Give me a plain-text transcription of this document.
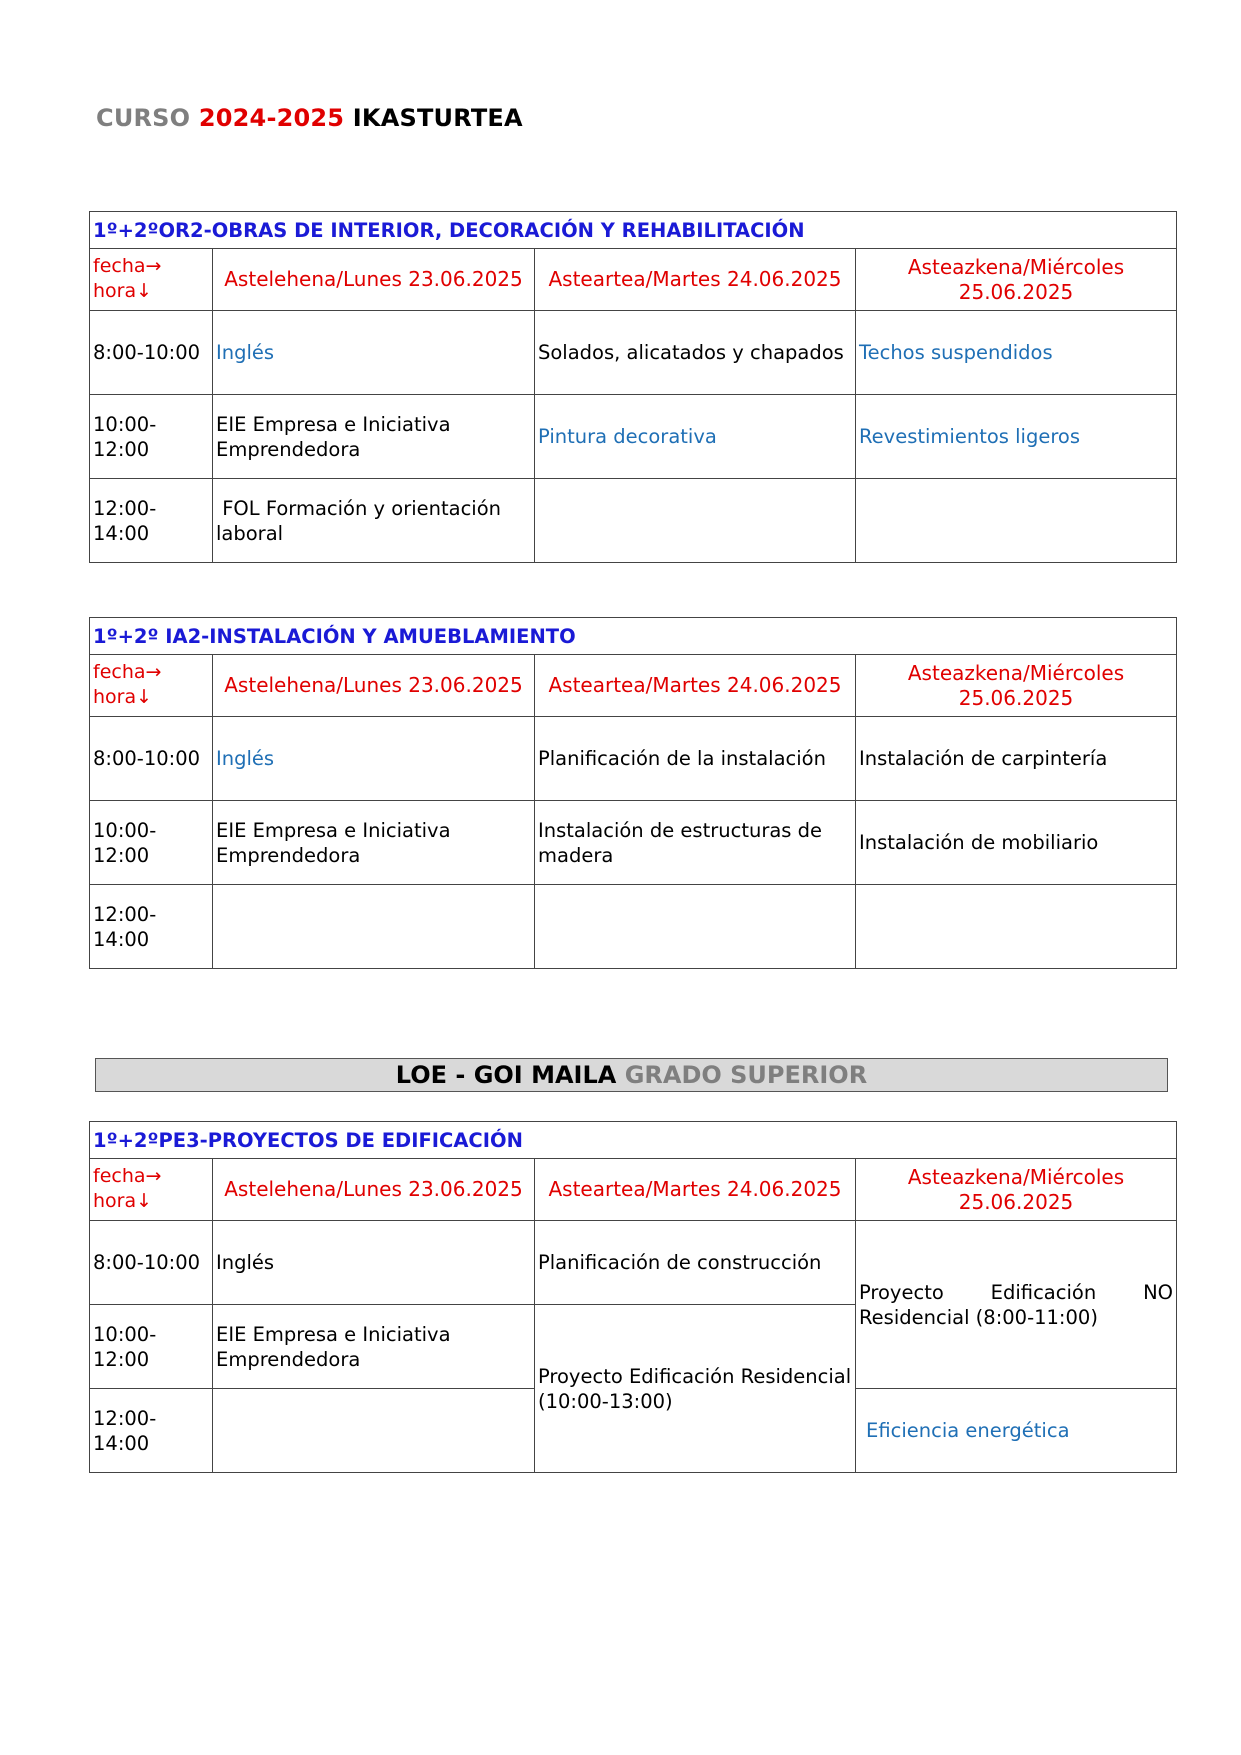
CURSO 2024-2025 IKASTURTEA
1º+2ºOR2-OBRAS DE INTERIOR, DECORACIÓN Y REHABILITACIÓN			
fecha→
hora↓	Astelehena/Lunes 23.06.2025	Asteartea/Martes 24.06.2025	Asteazkena/Miércoles 25.06.2025
8:00-10:00	Inglés	Solados, alicatados y chapados	Techos suspendidos
10:00-12:00	EIE Empresa e Iniciativa Emprendedora	Pintura decorativa	Revestimientos ligeros
12:00-14:00	FOL Formación y orientación laboral		
1º+2º IA2-INSTALACIÓN Y AMUEBLAMIENTO			
fecha→
hora↓	Astelehena/Lunes 23.06.2025	Asteartea/Martes 24.06.2025	Asteazkena/Miércoles 25.06.2025
8:00-10:00	Inglés	Planificación de la instalación	Instalación de carpintería
10:00-12:00	EIE Empresa e Iniciativa Emprendedora	Instalación de estructuras de madera	Instalación de mobiliario
12:00-14:00			
LOE - GOI MAILA GRADO SUPERIOR
1º+2ºPE3-PROYECTOS DE EDIFICACIÓN			
fecha→
hora↓	Astelehena/Lunes 23.06.2025	Asteartea/Martes 24.06.2025	Asteazkena/Miércoles 25.06.2025
8:00-10:00	Inglés	Planificación de construcción	Proyecto Edificación NO Residencial (8:00-11:00)
10:00-12:00	EIE Empresa e Iniciativa Emprendedora	Proyecto Edificación Residencial (10:00-13:00)	
12:00-14:00			Eficiencia energética
